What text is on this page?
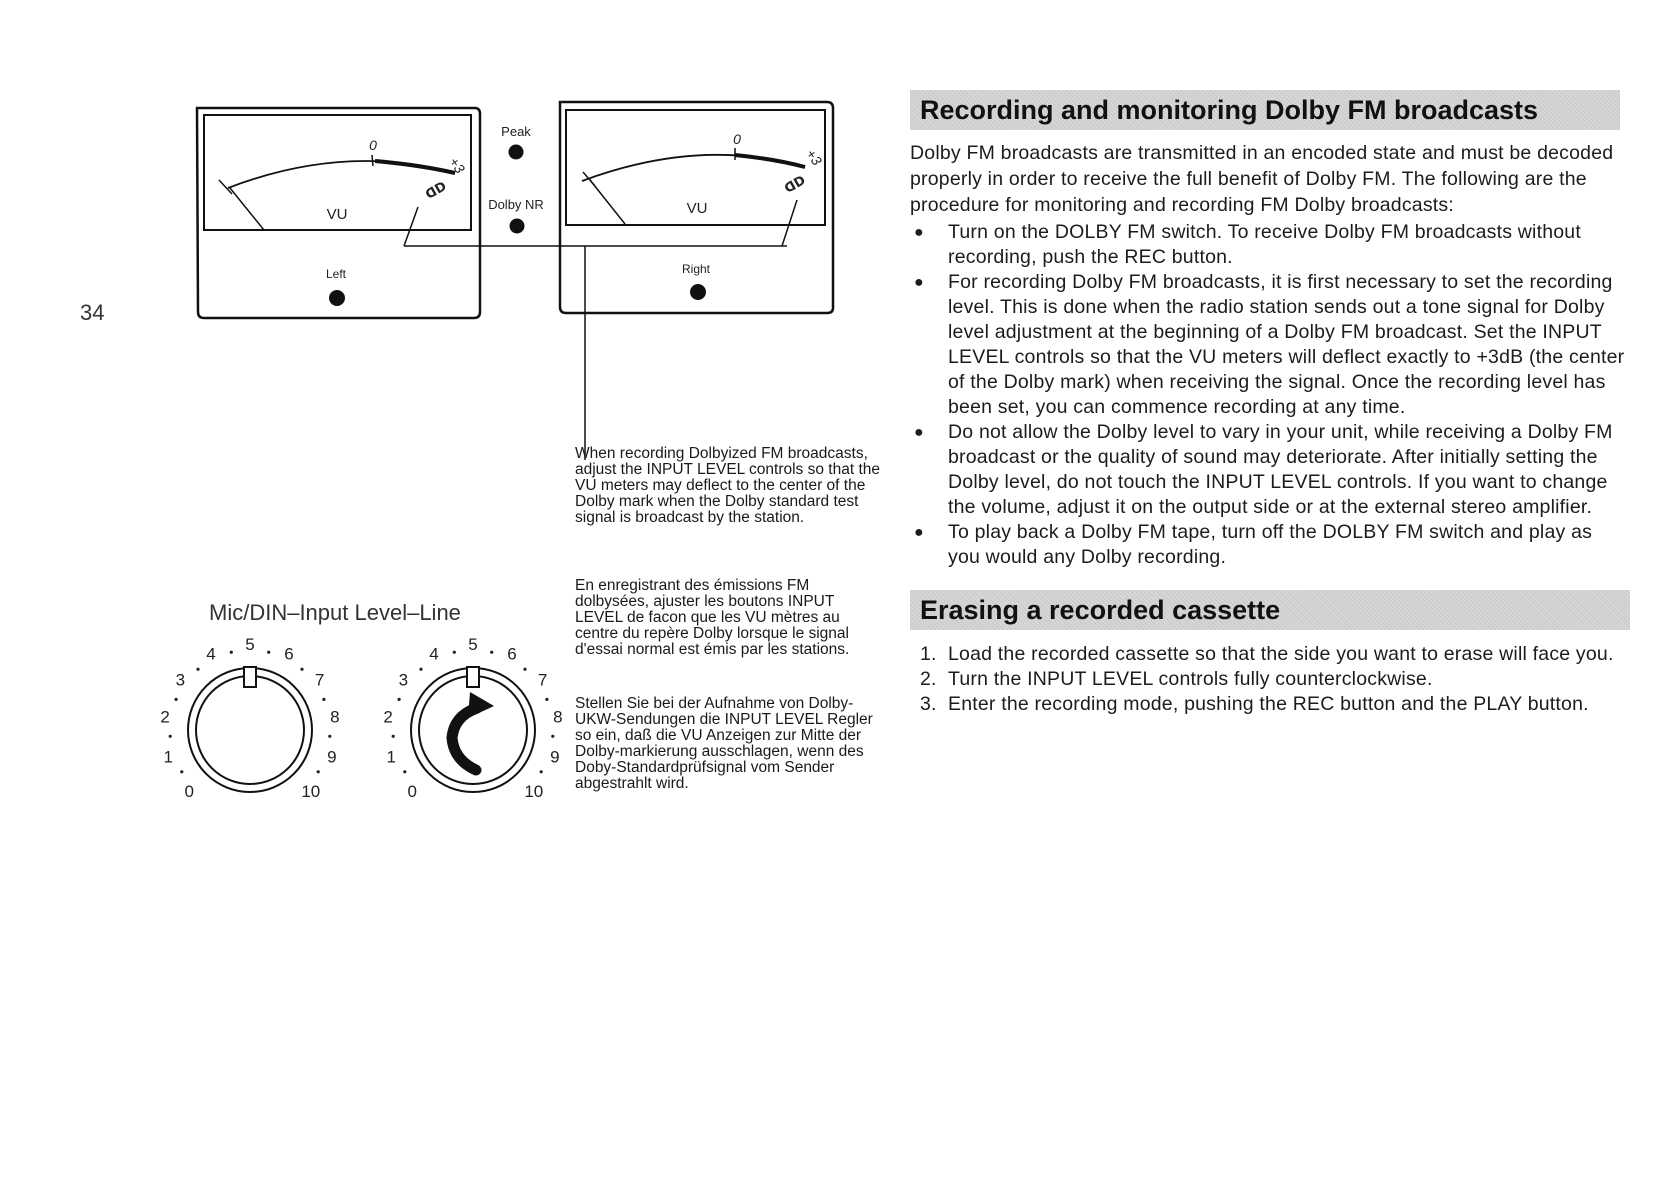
34
0
+3
ᗡᗞ
VU
Left
Peak
Dolby NR
0
+3
ᗡᗞ
VU
Right
0
1
2
3
4 5 6
7
8
9
10	0
1
2
3
4 5 6
7
8
9
10

When recording Dolbyized FM broadcasts, adjust the INPUT LEVEL controls so that the VU meters may deflect to the center of the Dolby mark when the Dolby standard test signal is broadcast by the station.

En enregistrant des émissions FM dolbysées, ajuster les boutons INPUT LEVEL de facon que les VU mètres au centre du repère Dolby lorsque le signal d'essai normal est émis par les stations.

Stellen Sie bei der Aufnahme von Dolby-UKW-Sendungen die INPUT LEVEL Regler so ein, daß die VU Anzeigen zur Mitte der Dolby-markierung ausschlagen, wenn des Doby-Standardprüfsignal vom Sender abgestrahlt wird.

Mic/DIN–Input Level–Line
Recording and monitoring Dolby FM broadcasts

Dolby FM broadcasts are transmitted in an encoded state and must be decoded properly in order to receive the full benefit of Dolby FM. The following are the procedure for monitoring and recording FM Dolby broadcasts:

● Turn on the DOLBY FM switch. To receive Dolby FM broadcasts without recording, push the REC button.
● For recording Dolby FM broadcasts, it is first necessary to set the recording level. This is done when the radio station sends out a tone signal for Dolby level adjustment at the beginning of a Dolby FM broadcast. Set the INPUT LEVEL controls so that the VU meters will deflect exactly to +3dB (the center of the Dolby mark) when receiving the signal. Once the recording level has been set, you can commence recording at any time.
● Do not allow the Dolby level to vary in your unit, while receiving a Dolby FM broadcast or the quality of sound may deteriorate. After initially setting the Dolby level, do not touch the INPUT LEVEL controls. If you want to change the volume, adjust it on the output side or at the external stereo amplifier.
● To play back a Dolby FM tape, turn off the DOLBY FM switch and play as you would any Dolby recording.
Erasing a recorded cassette
1. Load the recorded cassette so that the side you want to erase will face you.
2. Turn the INPUT LEVEL controls fully counterclockwise.
3. Enter the recording mode, pushing the REC button and the PLAY button.
